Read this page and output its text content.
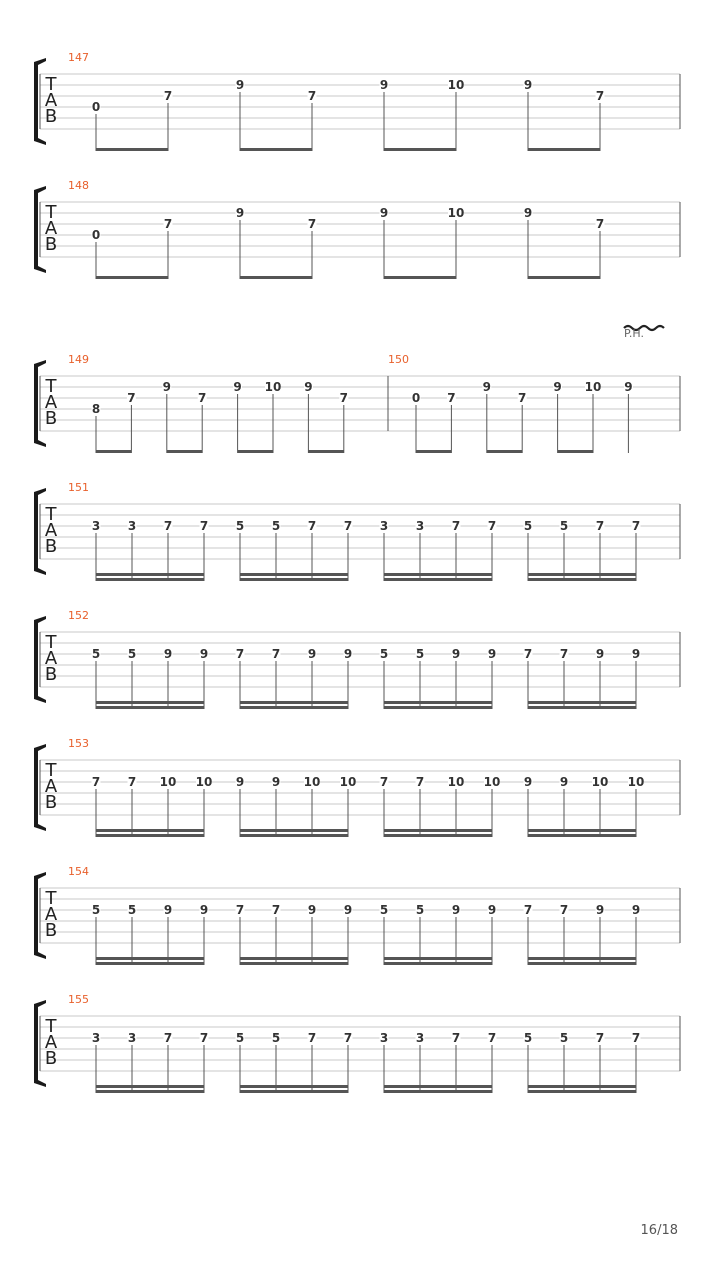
T
A
B
147
0
7
9
7
9	10	9
7
T
A
B
148
0
7
9
7
9	10	9
7
T
A
B
P.H.
149
8
7
9
7
9 10 9
7
150
0 7
9
7
9 10 9
T
A
B
151
3 3 7 7 5 5 7 7 3 3 7 7 5 5 7 7
T
A
B
152
5 5 9 9 7 7 9 9 5 5 9 9 7 7 9 9
T
A
B
153
7 7 10 10 9 9 10 10 7 7 10 10 9 9 10 10
T
A
B
154
5 5 9 9 7 7 9 9 5 5 9 9 7 7 9 9
T
A
B
155
3 3 7 7 5 5 7 7 3 3 7 7 5 5 7 7
16/18
